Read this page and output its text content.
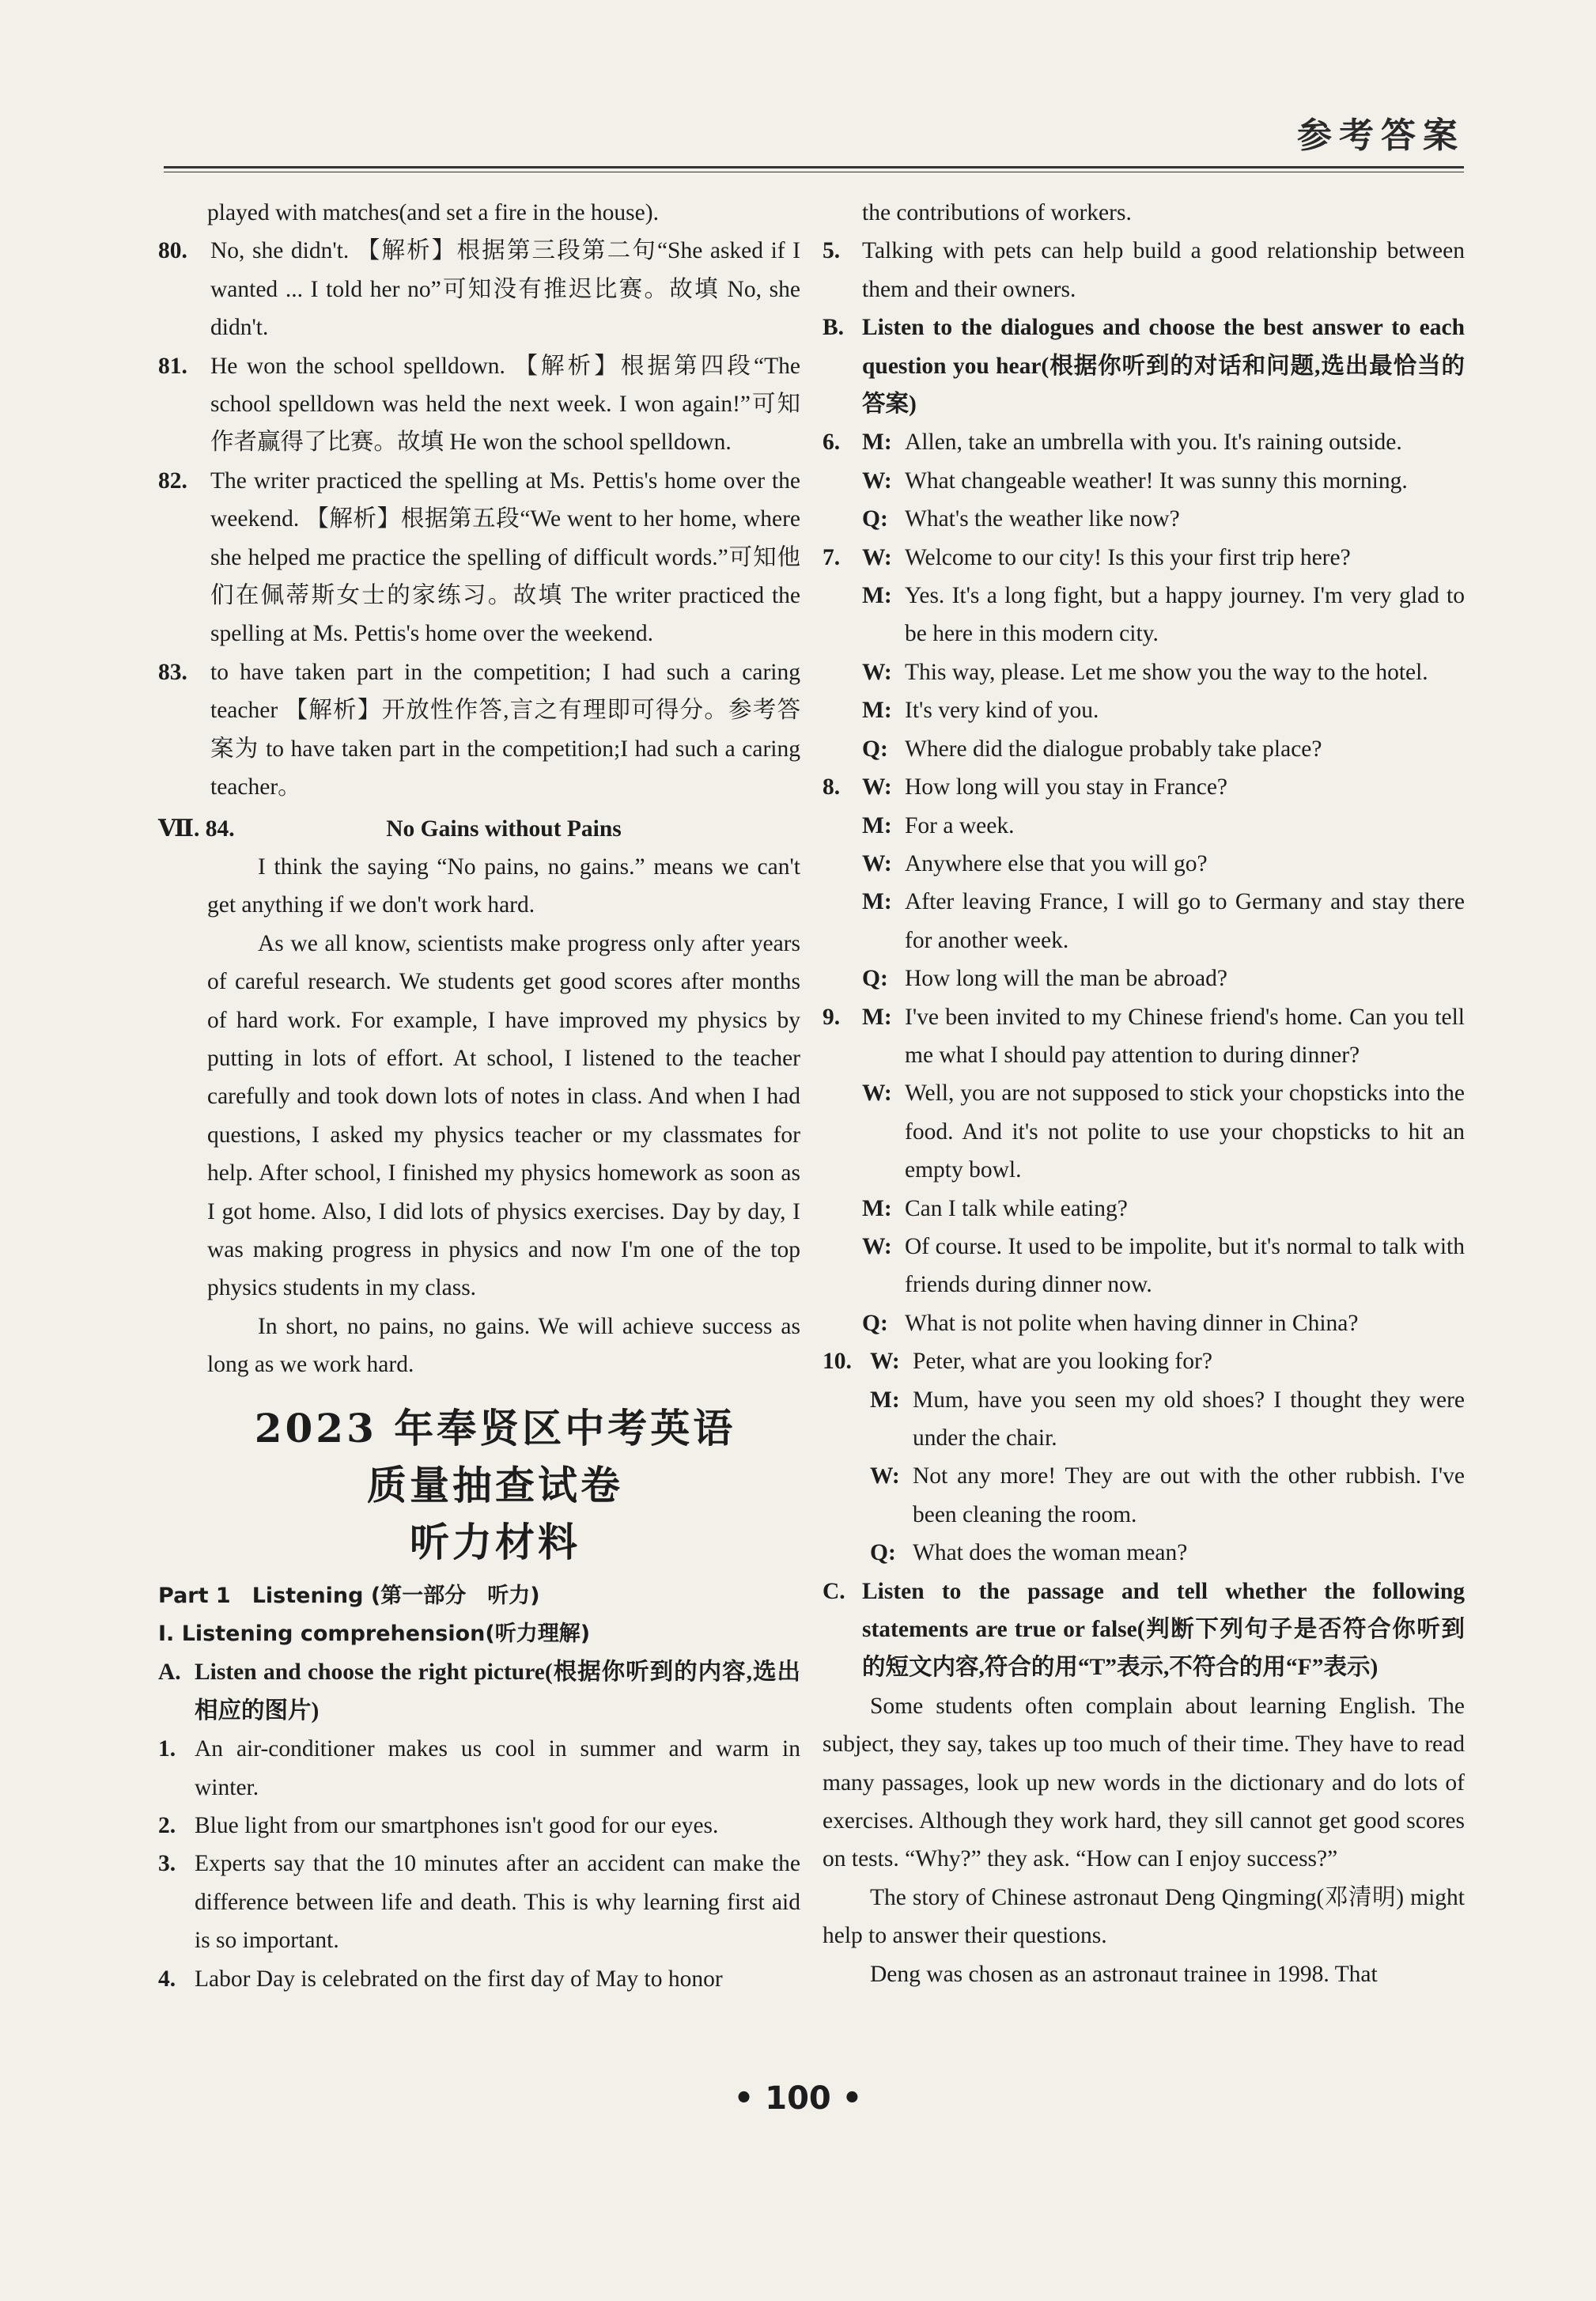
参考答案
played with matches(and set a fire in the house).
80. No, she didn't. 【解析】根据第三段第二句“She asked if I wanted ... I told her no”可知没有推迟比赛。故填 No, she didn't.
81. He won the school spelldown. 【解析】根据第四段“The school spelldown was held the next week. I won again!”可知作者赢得了比赛。故填 He won the school spelldown.
82. The writer practiced the spelling at Ms. Pettis's home over the weekend. 【解析】根据第五段“We went to her home, where she helped me practice the spelling of difficult words.”可知他们在佩蒂斯女士的家练习。故填 The writer practiced the spelling at Ms. Pettis's home over the weekend.
83. to have taken part in the competition; I had such a caring teacher 【解析】开放性作答,言之有理即可得分。参考答案为 to have taken part in the competition;I had such a caring teacher。
Ⅶ. 84.	No Gains without Pains
I think the saying “No pains, no gains.” means we can't get anything if we don't work hard.
As we all know, scientists make progress only after years of careful research. We students get good scores after months of hard work. For example, I have improved my physics by putting in lots of effort. At school, I listened to the teacher carefully and took down lots of notes in class. And when I had questions, I asked my physics teacher or my classmates for help. After school, I finished my physics homework as soon as I got home. Also, I did lots of physics exercises. Day by day, I was making progress in physics and now I'm one of the top physics students in my class.
In short, no pains, no gains. We will achieve success as long as we work hard.
2023 年奉贤区中考英语
质量抽查试卷
听力材料
Part 1　Listening (第一部分　听力)
Ⅰ. Listening comprehension(听力理解)
A. Listen and choose the right picture(根据你听到的内容,选出相应的图片)
1. An air-conditioner makes us cool in summer and warm in winter.
2. Blue light from our smartphones isn't good for our eyes.
3. Experts say that the 10 minutes after an accident can make the difference between life and death. This is why learning first aid is so important.
4. Labor Day is celebrated on the first day of May to honor
the contributions of workers.
5. Talking with pets can help build a good relationship between them and their owners.
B. Listen to the dialogues and choose the best answer to each question you hear(根据你听到的对话和问题,选出最恰当的答案)
6. M: Allen, take an umbrella with you. It's raining outside.
W: What changeable weather! It was sunny this morning.
Q: What's the weather like now?
7. W: Welcome to our city! Is this your first trip here?
M: Yes. It's a long fight, but a happy journey. I'm very glad to be here in this modern city.
W: This way, please. Let me show you the way to the hotel.
M: It's very kind of you.
Q: Where did the dialogue probably take place?
8. W: How long will you stay in France?
M: For a week.
W: Anywhere else that you will go?
M: After leaving France, I will go to Germany and stay there for another week.
Q: How long will the man be abroad?
9. M: I've been invited to my Chinese friend's home. Can you tell me what I should pay attention to during dinner?
W: Well, you are not supposed to stick your chopsticks into the food. And it's not polite to use your chopsticks to hit an empty bowl.
M: Can I talk while eating?
W: Of course. It used to be impolite, but it's normal to talk with friends during dinner now.
Q: What is not polite when having dinner in China?
10. W: Peter, what are you looking for?
M: Mum, have you seen my old shoes? I thought they were under the chair.
W: Not any more! They are out with the other rubbish. I've been cleaning the room.
Q: What does the woman mean?
C. Listen to the passage and tell whether the following statements are true or false(判断下列句子是否符合你听到的短文内容,符合的用“T”表示,不符合的用“F”表示)
Some students often complain about learning English. The subject, they say, takes up too much of their time. They have to read many passages, look up new words in the dictionary and do lots of exercises. Although they work hard, they sill cannot get good scores on tests. “Why?” they ask. “How can I enjoy success?”
The story of Chinese astronaut Deng Qingming(邓清明) might help to answer their questions.
Deng was chosen as an astronaut trainee in 1998. That
• 100 •
